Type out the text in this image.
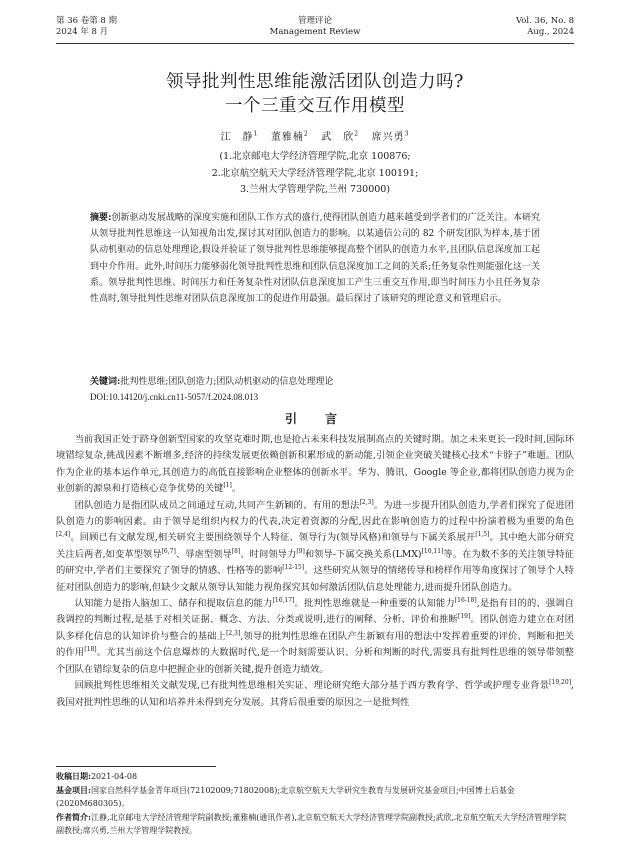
第 36 卷第 8 期
2024 年 8 月
管理评论
Management Review
Vol. 36, No. 8
Aug., 2024
领导批判性思维能激活团队创造力吗?
一个三重交互作用模型
江　静$^1$ 董雅楠$^2$ 武　欣$^2$ 席兴勇$^3$
(1.北京邮电大学经济管理学院,北京 100876;
2.北京航空航天大学经济管理学院,北京 100191;
3.兰州大学管理学院,兰州 730000)
摘要:创新驱动发展战略的深度实施和团队工作方式的盛行,使得团队创造力越来越受到学者们的广泛关注。本研究从领导批判性思维这一认知视角出发,探讨其对团队创造力的影响。以某通信公司的 82 个研发团队为样本,基于团队动机驱动的信息处理理论,假设并验证了领导批判性思维能够提高整个团队的创造力水平,且团队信息深度加工起到中介作用。此外,时间压力能够弱化领导批判性思维和团队信息深度加工之间的关系;任务复杂性则能强化这一关系。领导批判性思维、时间压力和任务复杂性对团队信息深度加工产生三重交互作用,即当时间压力小且任务复杂性高时,领导批判性思维对团队信息深度加工的促进作用最强。最后探讨了该研究的理论意义和管理启示。
关键词:批判性思维;团队创造力;团队动机驱动的信息处理理论
DOI:10.14120/j.cnki.cn11-5057/f.2024.08.013
引　言

当前我国正处于跻身创新型国家的攻坚克难时期,也是抢占未来科技发展制高点的关键时期。加之未来更长一段时间,国际环境错综复杂,挑战因素不断增多,经济的持续发展更依赖创新积累形成的新动能,引领企业突破关键核心技术“卡脖子”难题。团队作为企业的基本运作单元,其创造力的高低直接影响企业整体的创新水平。华为、腾讯、Google 等企业,都将团队创造力视为企业创新的源泉和打造核心竞争优势的关键[1]。

团队创造力是指团队成员之间通过互动,共同产生新颖的、有用的想法[2,3]。为进一步提升团队创造力,学者们探究了促进团队创造力的影响因素。由于领导是组织内权力的代表,决定着资源的分配,因此在影响创造力的过程中扮演着极为重要的角色[2,4]。回顾已有文献发现,相关研究主要围绕领导个人特征、领导行为(领导风格)和领导与下属关系展开[1,5]。其中绝大部分研究关注后两者,如变革型领导[6,7]、辱虐型领导[8]、时间领导力[9]和领导-下属交换关系(LMX)[10,11]等。在为数不多的关注领导特征的研究中,学者们主要探究了领导的情感、性格等的影响[12-15]。这些研究从领导的情绪传导和榜样作用等角度探讨了领导个人特征对团队创造力的影响,但缺少文献从领导认知能力视角探究其如何激活团队信息处理能力,进而提升团队创造力。

认知能力是指人脑加工、储存和提取信息的能力[16,17]。批判性思维就是一种重要的认知能力[16-18],是指有目的的、强调自我调控的判断过程,是基于对相关证据、概念、方法、分类或说明,进行的阐释、分析、评价和推断[19]。团队创造力建立在对团队多样化信息的认知评价与整合的基础上[2,3],领导的批判性思维在团队产生新颖有用的想法中发挥着重要的评价、判断和把关的作用[18]。尤其当前这个信息爆炸的大数据时代,是一个时刻需要认识、分析和判断的时代,需要具有批判性思维的领导带领整个团队在错综复杂的信息中把握企业的创新关键,提升创造力绩效。

回顾批判性思维相关文献发现,已有批判性思维相关实证、理论研究绝大部分基于西方教育学、哲学或护理专业背景[19,20],我国对批判性思维的认知和培养并未得到充分发展。其背后很重要的原因之一是批判性

收稿日期:2021-04-08
基金项目:国家自然科学基金青年项目(72102009;71802008);北京航空航天大学研究生教育与发展研究基金项目;中国博士后基金(2020M680305)。
作者简介:江静,北京邮电大学经济管理学院副教授;董雅楠(通讯作者),北京航空航天大学经济管理学院副教授;武欣,北京航空航天大学经济管理学院副教授;席兴勇,兰州大学管理学院教授。
